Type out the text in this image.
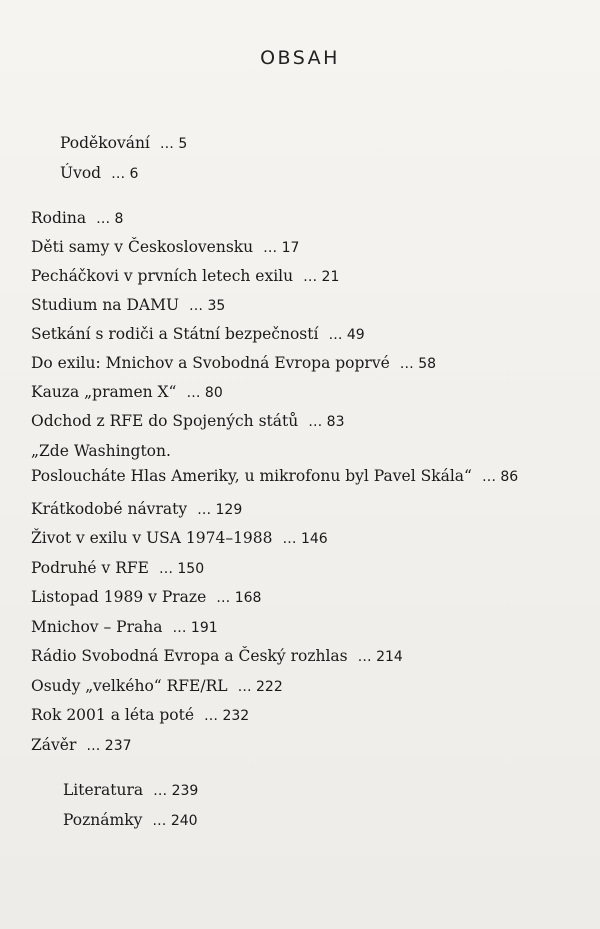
OBSAH
Poděkování … 5
Úvod … 6
Rodina … 8
Děti samy v Československu … 17
Pecháčkovi v prvních letech exilu … 21
Studium na DAMU … 35
Setkání s rodiči a Státní bezpečností … 49
Do exilu: Mnichov a Svobodná Evropa poprvé … 58
Kauza „pramen X“ … 80
Odchod z RFE do Spojených států … 83
„Zde Washington.
Posloucháte Hlas Ameriky, u mikrofonu byl Pavel Skála“ … 86
Krátkodobé návraty … 129
Život v exilu v USA 1974–1988 … 146
Podruhé v RFE … 150
Listopad 1989 v Praze … 168
Mnichov – Praha … 191
Rádio Svobodná Evropa a Český rozhlas … 214
Osudy „velkého“ RFE/RL … 222
Rok 2001 a léta poté … 232
Závěr … 237
Literatura … 239
Poznámky … 240
